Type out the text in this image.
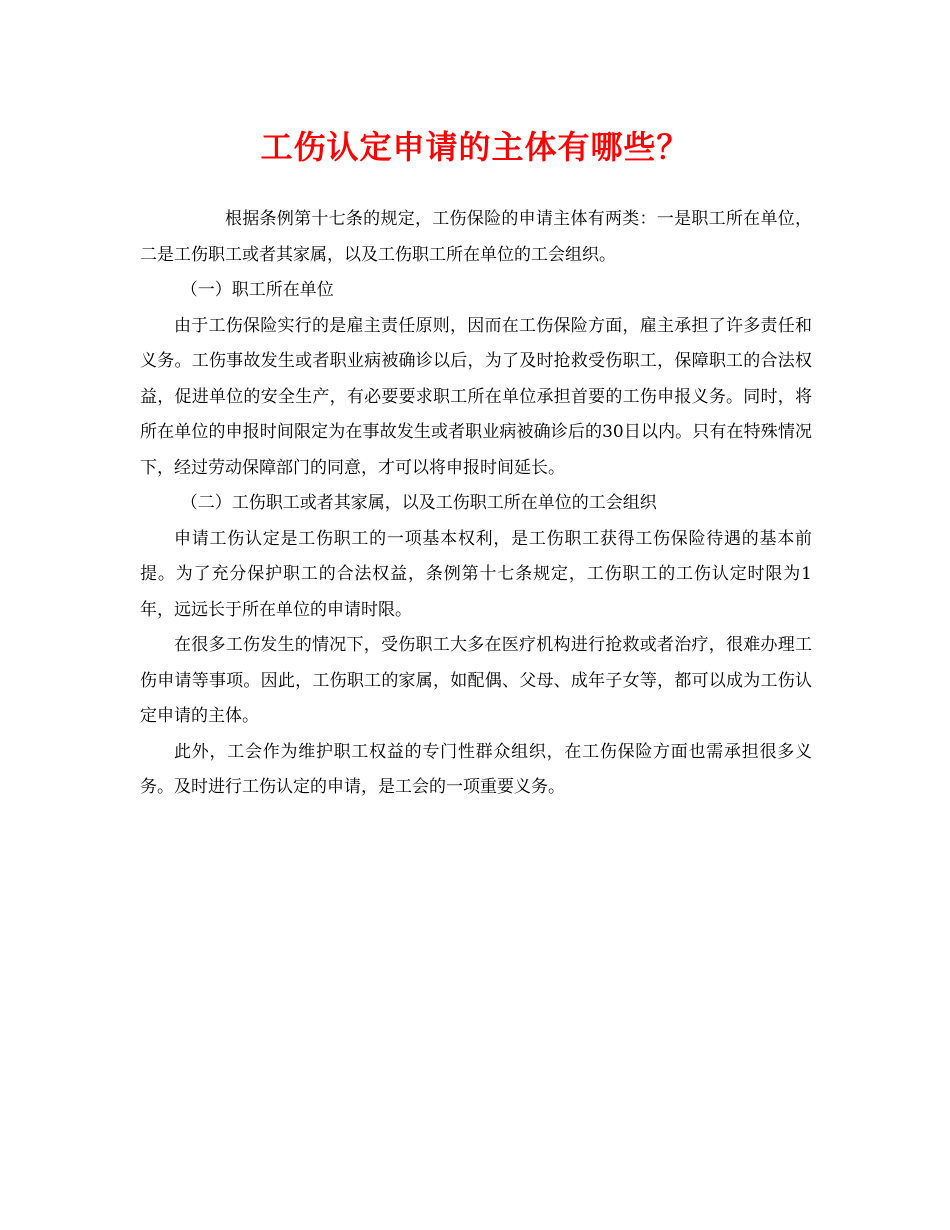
工伤认定申请的主体有哪些？

根据条例第十七条的规定，工伤保险的申请主体有两类：一是职工所在单位，二是工伤职工或者其家属，以及工伤职工所在单位的工会组织。

（一）职工所在单位

由于工伤保险实行的是雇主责任原则，因而在工伤保险方面，雇主承担了许多责任和义务。工伤事故发生或者职业病被确诊以后，为了及时抢救受伤职工，保障职工的合法权益，促进单位的安全生产，有必要要求职工所在单位承担首要的工伤申报义务。同时，将所在单位的申报时间限定为在事故发生或者职业病被确诊后的30日以内。只有在特殊情况下，经过劳动保障部门的同意，才可以将申报时间延长。

（二）工伤职工或者其家属，以及工伤职工所在单位的工会组织

申请工伤认定是工伤职工的一项基本权利，是工伤职工获得工伤保险待遇的基本前提。为了充分保护职工的合法权益，条例第十七条规定，工伤职工的工伤认定时限为1年，远远长于所在单位的申请时限。

在很多工伤发生的情况下，受伤职工大多在医疗机构进行抢救或者治疗，很难办理工伤申请等事项。因此，工伤职工的家属，如配偶、父母、成年子女等，都可以成为工伤认定申请的主体。

此外，工会作为维护职工权益的专门性群众组织，在工伤保险方面也需承担很多义务。及时进行工伤认定的申请，是工会的一项重要义务。
